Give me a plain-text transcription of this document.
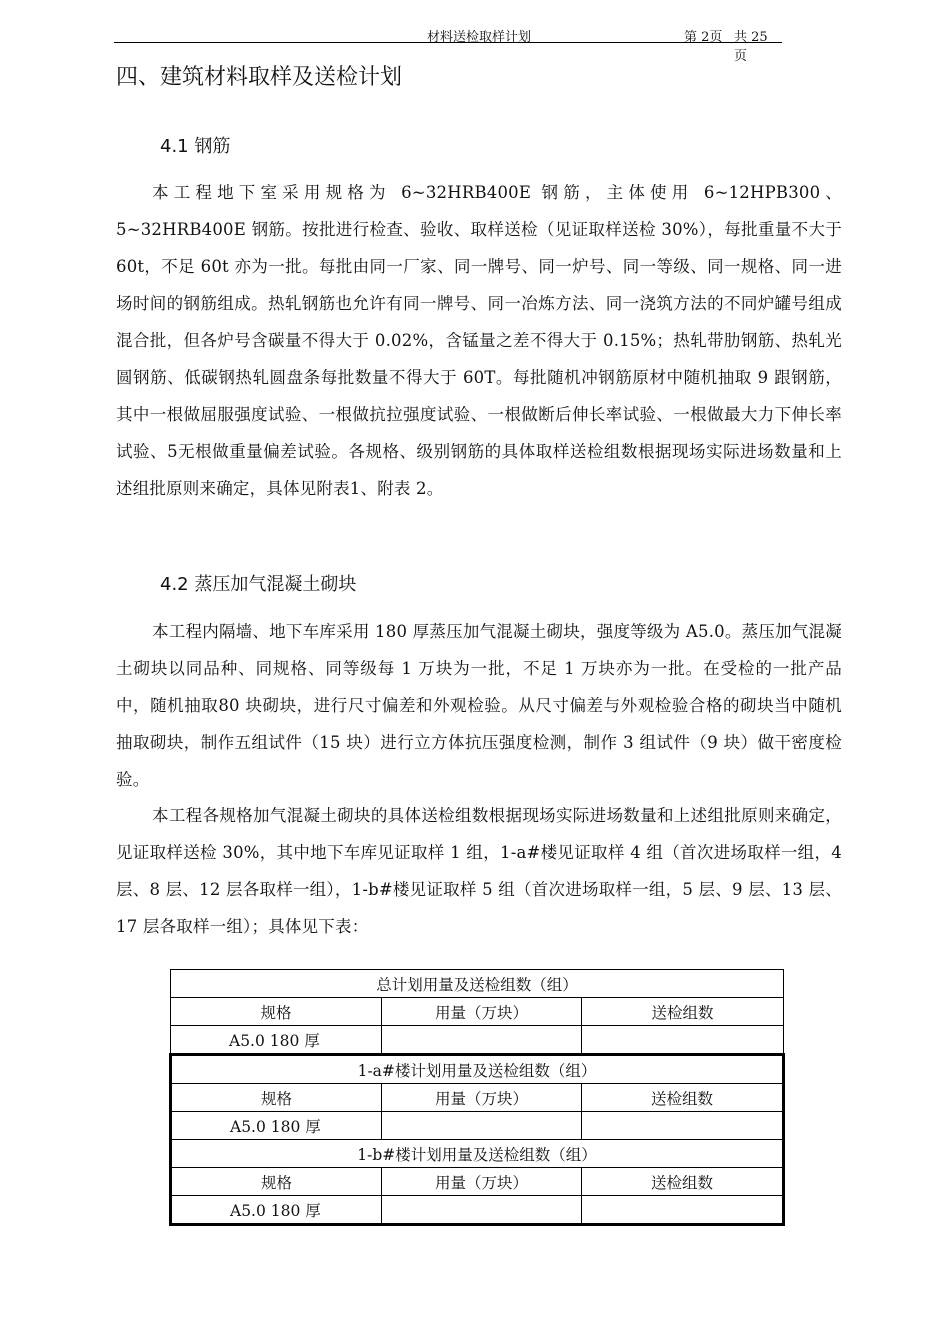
材料送检取样计划	第 2页 共 25 页
四、建筑材料取样及送检计划
4.1 钢筋
本工程地下室采用规格为 6~32HRB400E 钢筋，主体使用 6~12HPB300、5~32HRB400E 钢筋。按批进行检查、验收、取样送检（见证取样送检 30%），每批重量不大于 60t，不足 60t 亦为一批。每批由同一厂家、同一牌号、同一炉号、同一等级、同一规格、同一进场时间的钢筋组成。热轧钢筋也允许有同一牌号、同一冶炼方法、同一浇筑方法的不同炉罐号组成混合批，但各炉号含碳量不得大于 0.02%，含锰量之差不得大于 0.15%；热轧带肋钢筋、热轧光圆钢筋、低碳钢热轧圆盘条每批数量不得大于 60T。每批随机冲钢筋原材中随机抽取 9 跟钢筋，其中一根做屈服强度试验、一根做抗拉强度试验、一根做断后伸长率试验、一根做最大力下伸长率试验、5无根做重量偏差试验。各规格、级别钢筋的具体取样送检组数根据现场实际进场数量和上述组批原则来确定，具体见附表1、附表 2。
4.2 蒸压加气混凝土砌块
本工程内隔墙、地下车库采用 180 厚蒸压加气混凝土砌块，强度等级为 A5.0。蒸压加气混凝土砌块以同品种、同规格、同等级每 1 万块为一批，不足 1 万块亦为一批。在受检的一批产品中，随机抽取80 块砌块，进行尺寸偏差和外观检验。从尺寸偏差与外观检验合格的砌块当中随机抽取砌块，制作五组试件（15 块）进行立方体抗压强度检测，制作 3 组试件（9 块）做干密度检验。
本工程各规格加气混凝土砌块的具体送检组数根据现场实际进场数量和上述组批原则来确定，见证取样送检 30%，其中地下车库见证取样 1 组，1-a#楼见证取样 4 组（首次进场取样一组，4 层、8 层、12 层各取样一组），1-b#楼见证取样 5 组（首次进场取样一组，5 层、9 层、13 层、17 层各取样一组）；具体见下表：
总计划用量及送检组数（组）		
规格	用量（万块）	送检组数
A5.0 180 厚		
1-a#楼计划用量及送检组数（组）		
规格	用量（万块）	送检组数
A5.0 180 厚		
1-b#楼计划用量及送检组数（组）		
规格	用量（万块）	送检组数
A5.0 180 厚		
